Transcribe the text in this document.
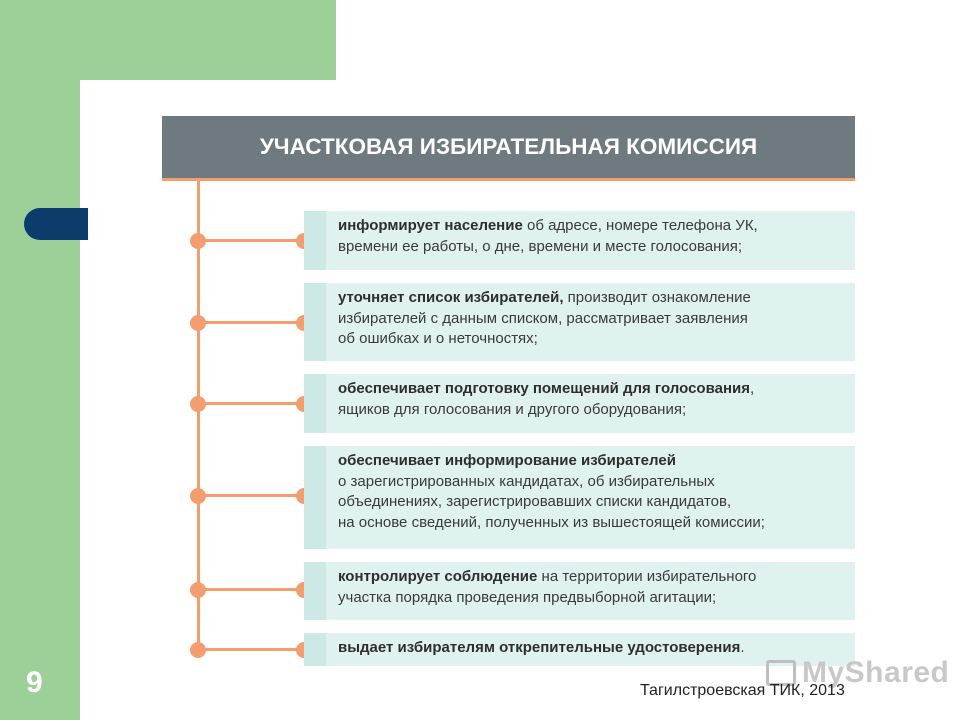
9
УЧАСТКОВАЯ ИЗБИРАТЕЛЬНАЯ КОМИССИЯ
информирует население об адресе, номере телефона УК,
времени ее работы, о дне, времени и месте голосования;
уточняет список избирателей, производит ознакомление
избирателей с данным списком, рассматривает заявления
об ошибках и о неточностях;
обеспечивает подготовку помещений для голосования,
ящиков для голосования и другого оборудования;
обеспечивает информирование избирателей
о зарегистрированных кандидатах, об избирательных
объединениях, зарегистрировавших списки кандидатов,
на основе сведений, полученных из вышестоящей комиссии;
контролирует соблюдение на территории избирательного
участка порядка проведения предвыборной агитации;
выдает избирателям открепительные удостоверения.
MyShared
Тагилстроевская ТИК, 2013
